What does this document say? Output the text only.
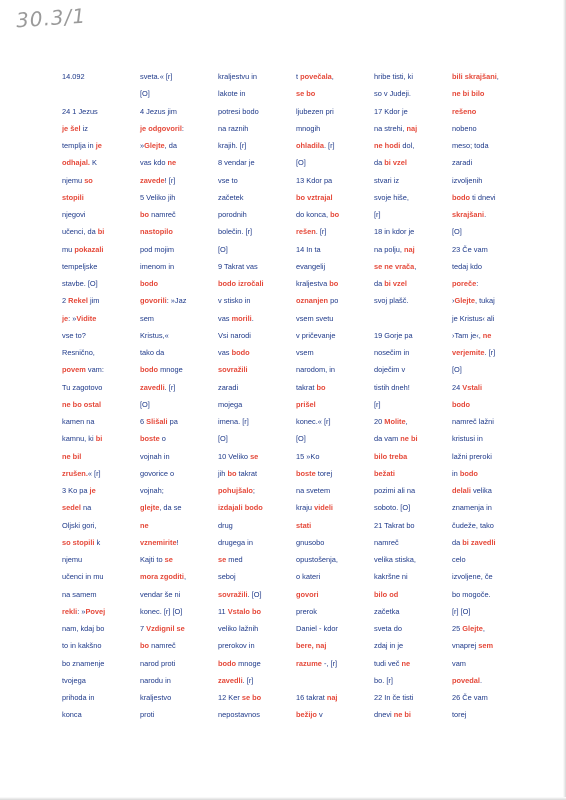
30.3/1
14.092
24 1 Jezus
je šel iz
templja in je
odhajal. K
njemu so
stopili
njegovi
učenci, da bi
mu pokazali
tempeljske
stavbe. [O]
2 Rekel jim
je: »Vidite
vse to?
Resnično,
povem vam:
Tu zagotovo
ne bo ostal
kamen na
kamnu, ki bi
ne bil
zrušen.« [r]
3 Ko pa je
sedel na
Oljski gori,
so stopili k
njemu
učenci in mu
na samem
rekli: »Povej
nam, kdaj bo
to in kakšno
bo znamenje
tvojega
prihoda in
konca
sveta.« [r]
[O]
4 Jezus jim
je odgovoril:
»Glejte, da
vas kdo ne
zavede! [r]
5 Veliko jih
bo namreč
nastopilo
pod mojim
imenom in
bodo
govorili: »Jaz
sem
Kristus,«
tako da
bodo mnoge
zavedli. [r]
[O]
6 Slišali pa
boste o
vojnah in
govorice o
vojnah;
glejte, da se
ne
vznemirite!
Kajti to se
mora zgoditi,
vendar še ni
konec. [r] [O]
7 Vzdignil se
bo namreč
narod proti
narodu in
kraljestvo
proti
kraljestvu in
lakote in
potresi bodo
na raznih
krajih. [r]
8 vendar je
vse to
začetek
porodnih
bolečin. [r]
[O]
9 Takrat vas
bodo izročali
v stisko in
vas morili.
Vsi narodi
vas bodo
sovražili
zaradi
mojega
imena. [r]
[O]
10 Veliko se
jih bo takrat
pohujšalo;
izdajali bodo
drug
drugega in
se med
seboj
sovražili. [O]
11 Vstalo bo
veliko lažnih
prerokov in
bodo mnoge
zavedli. [r]
12 Ker se bo
nepostavnos
t povečala,
se bo
ljubezen pri
mnogih
ohladila. [r]
[O]
13 Kdor pa
bo vztrajal
do konca, bo
rešen. [r]
14 In ta
evangelij
kraljestva bo
oznanjen po
vsem svetu
v pričevanje
vsem
narodom, in
takrat bo
prišel
konec.« [r]
[O]
15 »Ko
boste torej
na svetem
kraju videli
stati
gnusobo
opustošenja,
o kateri
govori
prerok
Daniel - kdor
bere, naj
razume -, [r]
16 takrat naj
bežijo v
hribe tisti, ki
so v Judeji.
17 Kdor je
na strehi, naj
ne hodi dol,
da bi vzel
stvari iz
svoje hiše,
[r]
18 in kdor je
na polju, naj
se ne vrača,
da bi vzel
svoj plašč.
19 Gorje pa
nosečim in
doječim v
tistih dneh!
[r]
20 Molite,
da vam ne bi
bilo treba
bežati
pozimi ali na
soboto. [O]
21 Takrat bo
namreč
velika stiska,
kakršne ni
bilo od
začetka
sveta do
zdaj in je
tudi več ne
bo. [r]
22 In če tisti
dnevi ne bi
bili skrajšani,
ne bi bilo
rešeno
nobeno
meso; toda
zaradi
izvoljenih
bodo ti dnevi
skrajšani.
[O]
23 Če vam
tedaj kdo
poreče:
›Glejte, tukaj
je Kristus‹ ali
›Tam je‹, ne
verjemite. [r]
[O]
24 Vstali
bodo
namreč lažni
kristusi in
lažni preroki
in bodo
delali velika
znamenja in
čudeže, tako
da bi zavedli
celo
izvoljene, če
bo mogoče.
[r] [O]
25 Glejte,
vnaprej sem
vam
povedal.
26 Če vam
torej
